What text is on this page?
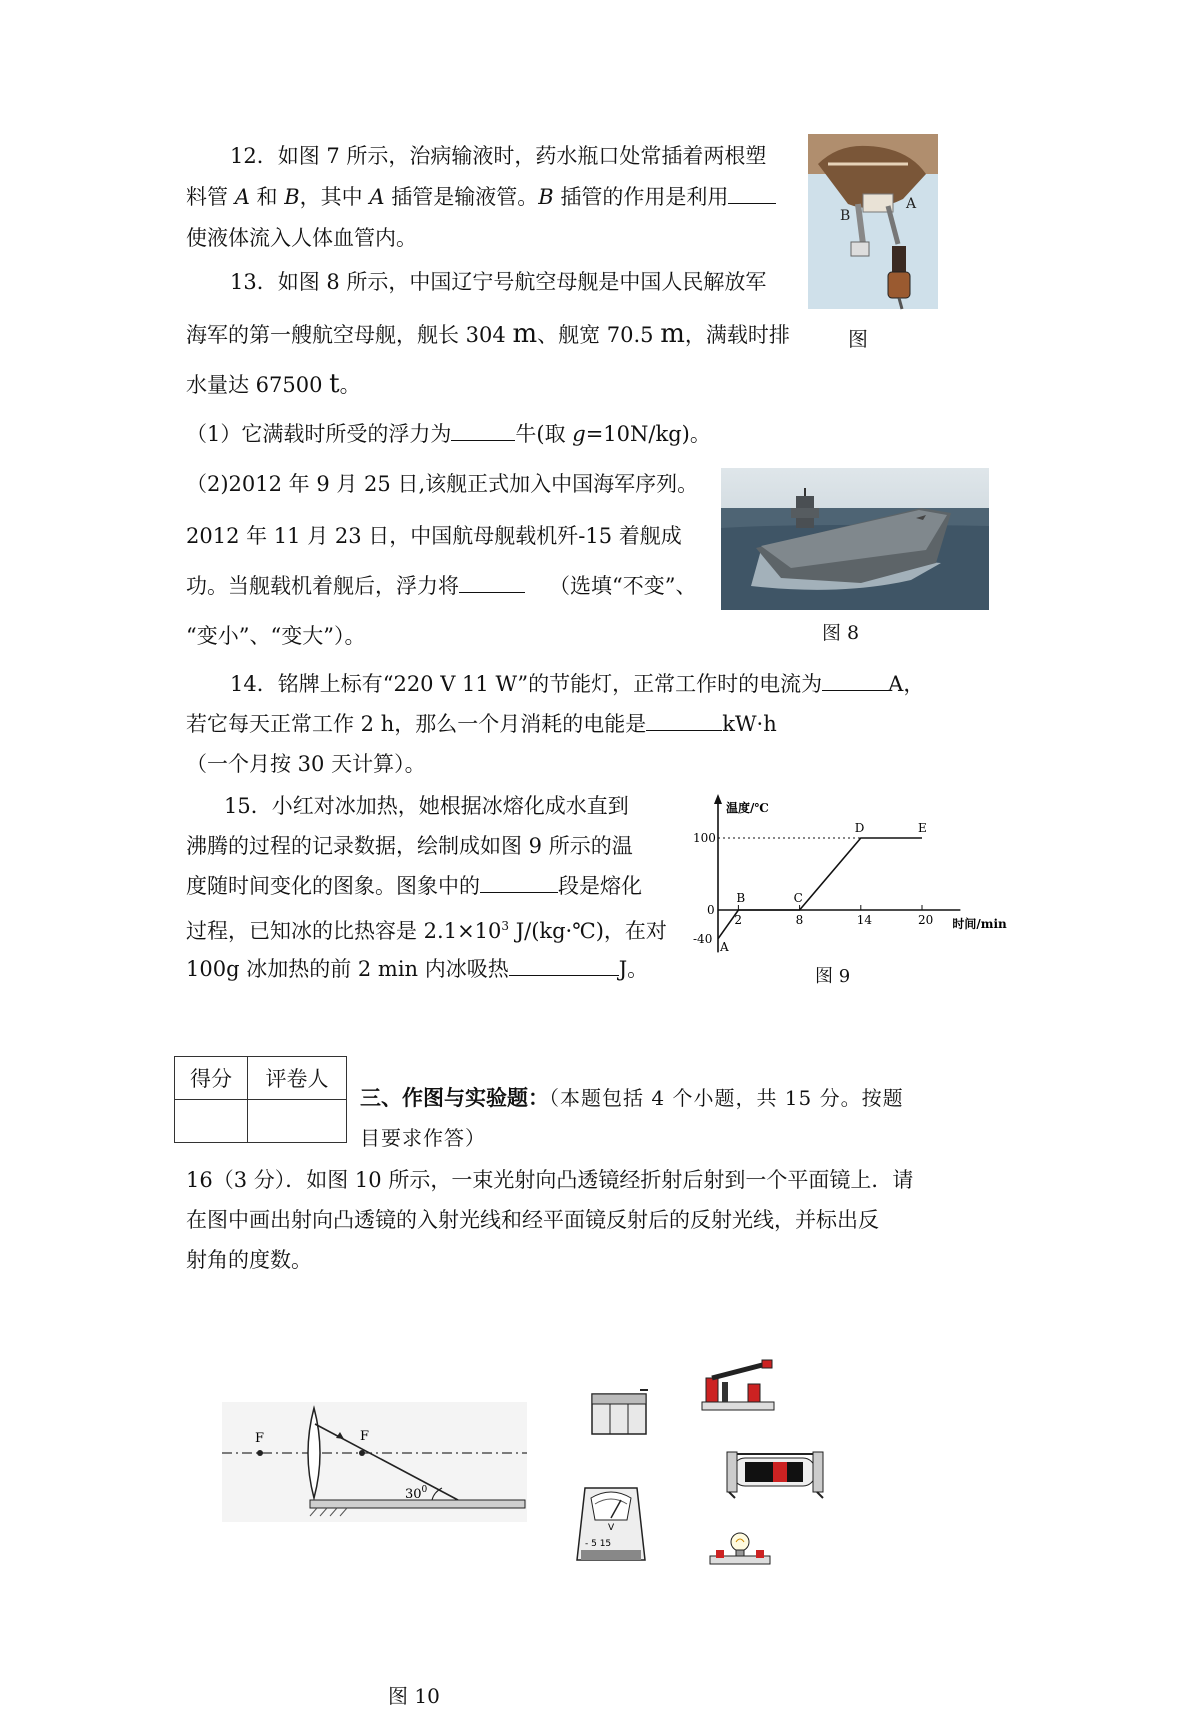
12．如图 7 所示，治病输液时，药水瓶口处常插着两根塑
料管 A 和 B，其中 A 插管是输液管。B 插管的作用是利用
使液体流入人体血管内。
B
A
13．如图 8 所示，中国辽宁号航空母舰是中国人民解放军
海军的第一艘航空母舰，舰长 304 m、舰宽 70.5 m，满载时排	图
水量达 67500 t。
（1）它满载时所受的浮力为	牛(取 g=10N/kg)。
（2)2012 年 9 月 25 日,该舰正式加入中国海军序列。
2012 年 11 月 23 日，中国航母舰载机歼-15 着舰成
功。当舰载机着舰后，浮力将	（选填“不变”、
“变小”、“变大”）。	图 8
14．铭牌上标有“220 V 11 W”的节能灯，正常工作时的电流为	A，
若它每天正常工作 2 h，那么一个月消耗的电能是	kW·h
（一个月按 30 天计算）。
15．小红对冰加热，她根据冰熔化成水直到
沸腾的过程的记录数据，绘制成如图 9 所示的温
度随时间变化的图象。图象中的	段是熔化
过程，已知冰的比热容是 $2.1\times 10^3$ J/(kg·℃)，在对
100g 冰加热的前 2 min 内冰吸热	J。
温度/℃
时间/min
2	8	14	20
100
0
-40
A
B	C
D	E
图 9
得分	评卷人

三、作图与实验题：（本题包括 4 个小题，共 15 分。按题
目要求作答）
16（3 分）．如图 10 所示，一束光射向凸透镜经折射后射到一个平面镜上．请
在图中画出射向凸透镜的入射光线和经平面镜反射后的反射光线，并标出反
射角的度数。
F	F
$30^0$
图 10
V
- 5 15
